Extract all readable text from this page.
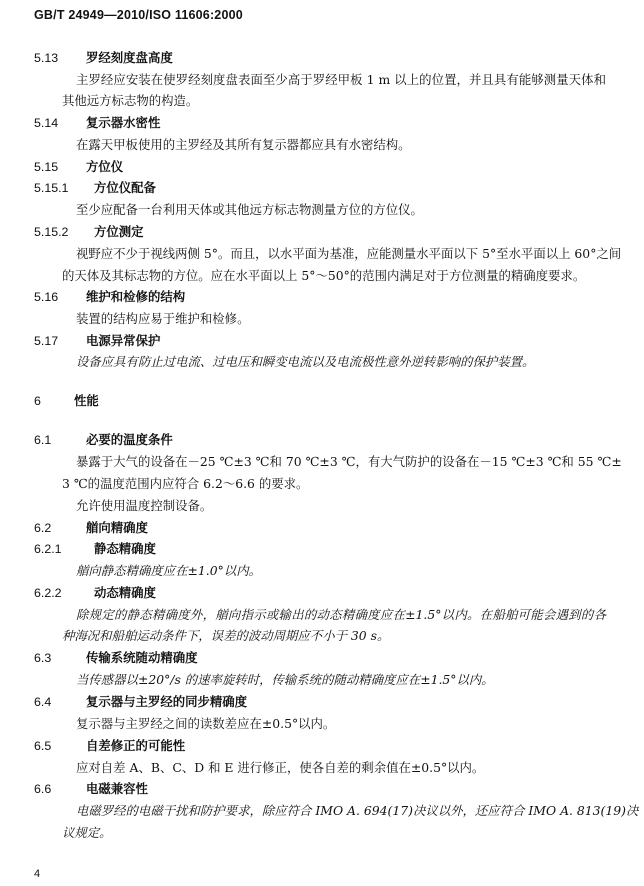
GB/T 24949—2010/ISO 11606:2000
5.13 罗经刻度盘高度
主罗经应安装在使罗经刻度盘表面至少高于罗经甲板 1 m 以上的位置，并且具有能够测量天体和
其他远方标志物的构造。
5.14 复示器水密性
在露天甲板使用的主罗经及其所有复示器都应具有水密结构。
5.15 方位仪
5.15.1 方位仪配备
至少应配备一台利用天体或其他远方标志物测量方位的方位仪。
5.15.2 方位测定
视野应不少于视线两侧 5°。而且，以水平面为基准，应能测量水平面以下 5°至水平面以上 60°之间
的天体及其标志物的方位。应在水平面以上 5°～50°的范围内满足对于方位测量的精确度要求。
5.16 维护和检修的结构
装置的结构应易于维护和检修。
5.17 电源异常保护
设备应具有防止过电流、过电压和瞬变电流以及电流极性意外逆转影响的保护装置。
6	性能
6.1	必要的温度条件
暴露于大气的设备在－25 ℃±3 ℃和 70 ℃±3 ℃，有大气防护的设备在－15 ℃±3 ℃和 55 ℃±
3 ℃的温度范围内应符合 6.2～6.6 的要求。
允许使用温度控制设备。
6.2	艏向精确度
6.2.1	静态精确度
艏向静态精确度应在±1.0°以内。
6.2.2	动态精确度
除规定的静态精确度外，艏向指示或输出的动态精确度应在±1.5°以内。在船舶可能会遇到的各
种海况和船舶运动条件下，误差的波动周期应不小于 30 s。
6.3	传输系统随动精确度
当传感器以±20°/s 的速率旋转时，传输系统的随动精确度应在±1.5°以内。
6.4	复示器与主罗经的同步精确度
复示器与主罗经之间的读数差应在±0.5°以内。
6.5	自差修正的可能性
应对自差 A、B、C、D 和 E 进行修正，使各自差的剩余值在±0.5°以内。
6.6	电磁兼容性
电磁罗经的电磁干扰和防护要求，除应符合 IMO A. 694(17)决议以外，还应符合 IMO A. 813(19)决
议规定。
4
